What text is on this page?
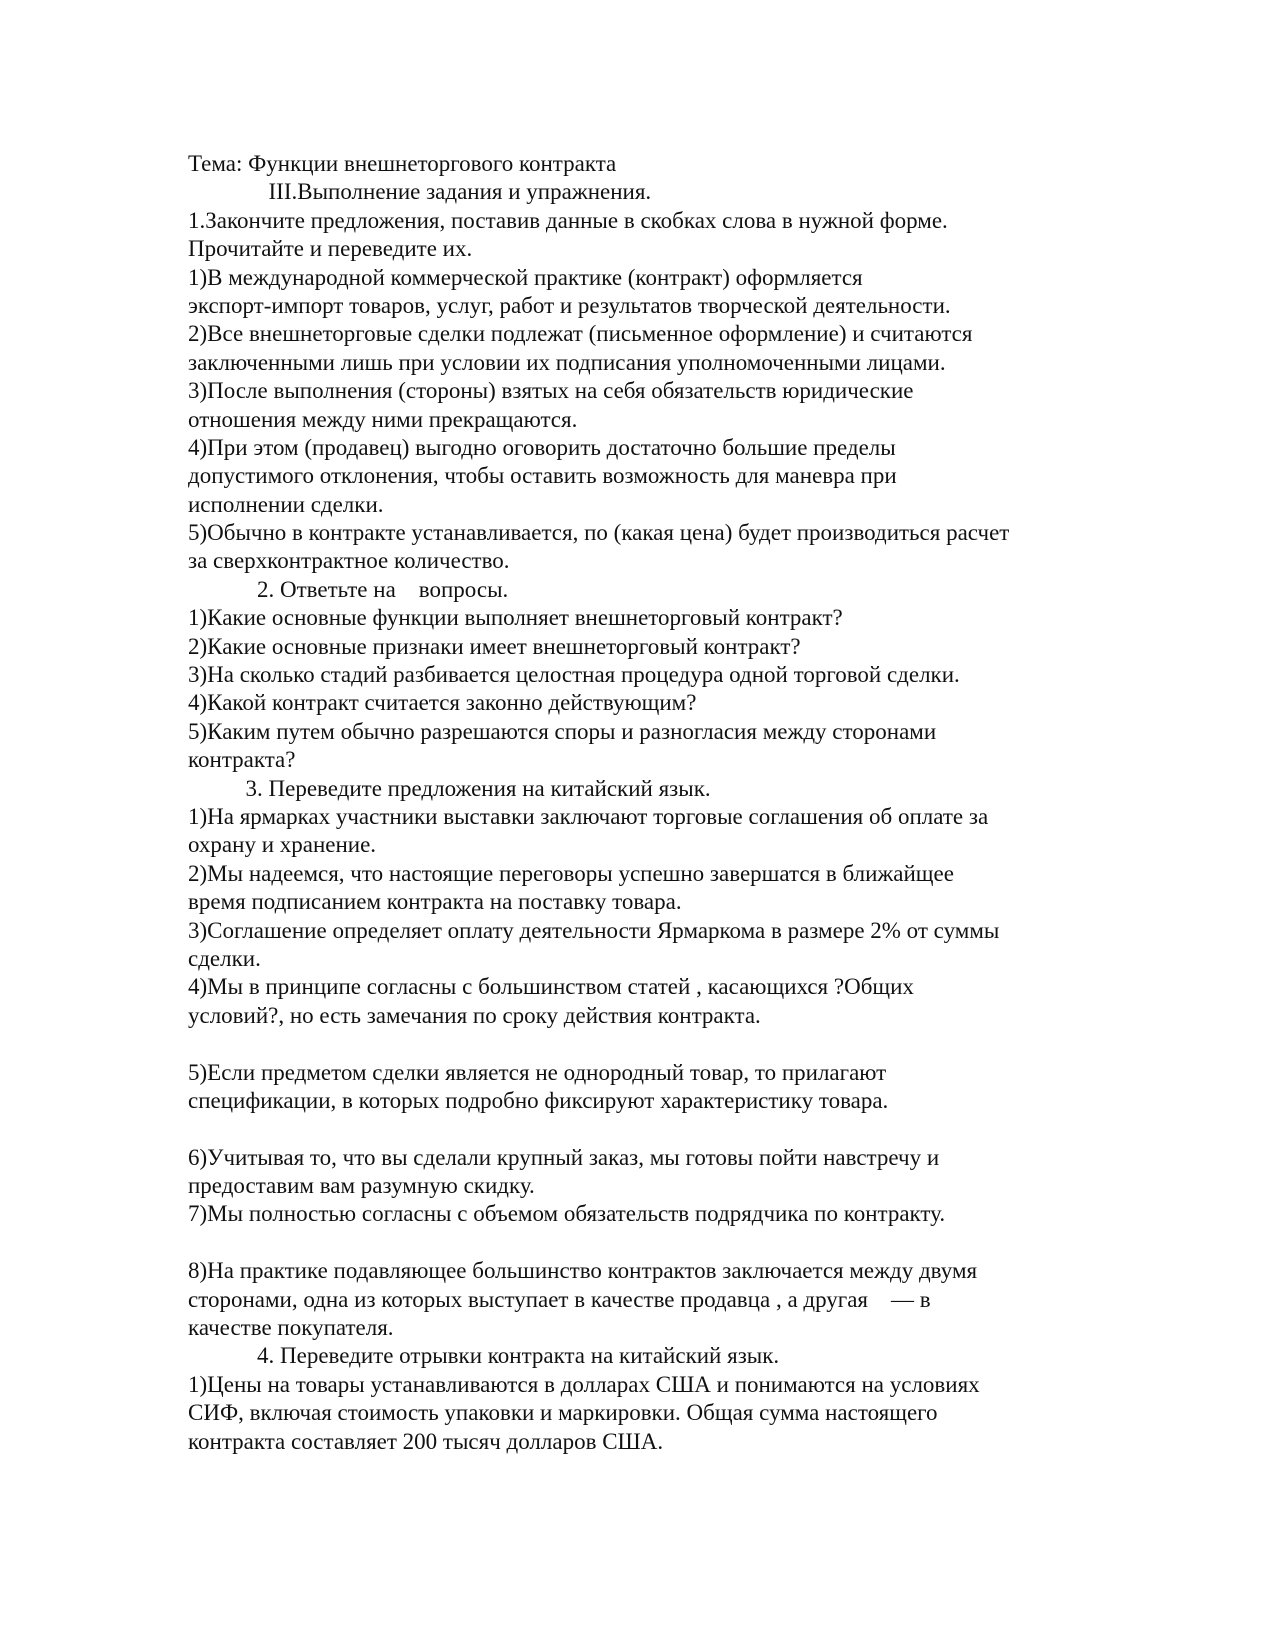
Тема: Функции внешнеторгового контракта
III.Выполнение задания и упражнения.
1.Закончите предложения, поставив данные в скобках слова в нужной форме.
Прочитайте и переведите их.
1)В международной коммерческой практике (контракт) оформляется
экспорт-импорт товаров, услуг, работ и результатов творческой деятельности.
2)Все внешнеторговые сделки подлежат (письменное оформление) и считаются
заключенными лишь при условии их подписания уполномоченными лицами.
3)После выполнения (стороны) взятых на себя обязательств юридические
отношения между ними прекращаются.
4)При этом (продавец) выгодно оговорить достаточно большие пределы
допустимого отклонения, чтобы оставить возможность для маневра при
исполнении сделки.
5)Обычно в контракте устанавливается, по (какая цена) будет производиться расчет
за сверхконтрактное количество.
2. Ответьте на    вопросы.
1)Какие основные функции выполняет внешнеторговый контракт?
2)Какие основные признаки имеет внешнеторговый контракт?
3)На сколько стадий разбивается целостная процедура одной торговой сделки.
4)Какой контракт считается законно действующим?
5)Каким путем обычно разрешаются споры и разногласия между сторонами
контракта?
3. Переведите предложения на китайский язык.
1)На ярмарках участники выставки заключают торговые соглашения об оплате за
охрану и хранение.
2)Мы надеемся, что настоящие переговоры успешно завершатся в ближайщее
время подписанием контракта на поставку товара.
3)Соглашение определяет оплату деятельности Ярмаркома в размере 2% от суммы
сделки.
4)Мы в принципе согласны с большинством статей , касающихся ?Общих
условий?, но есть замечания по сроку действия контракта.
5)Если предметом сделки является не однородный товар, то прилагают
спецификации, в которых подробно фиксируют характеристику товара.
6)Учитывая то, что вы сделали крупный заказ, мы готовы пойти навстречу и
предоставим вам разумную скидку.
7)Мы полностью согласны с объемом обязательств подрядчика по контракту.
8)На практике подавляющее большинство контрактов заключается между двумя
сторонами, одна из которых выступает в качестве продавца , а другая    — в
качестве покупателя.
4. Переведите отрывки контракта на китайский язык.
1)Цены на товары устанавливаются в долларах США и понимаются на условиях
СИФ, включая стоимость упаковки и маркировки. Общая сумма настоящего
контракта составляет 200 тысяч долларов США.
